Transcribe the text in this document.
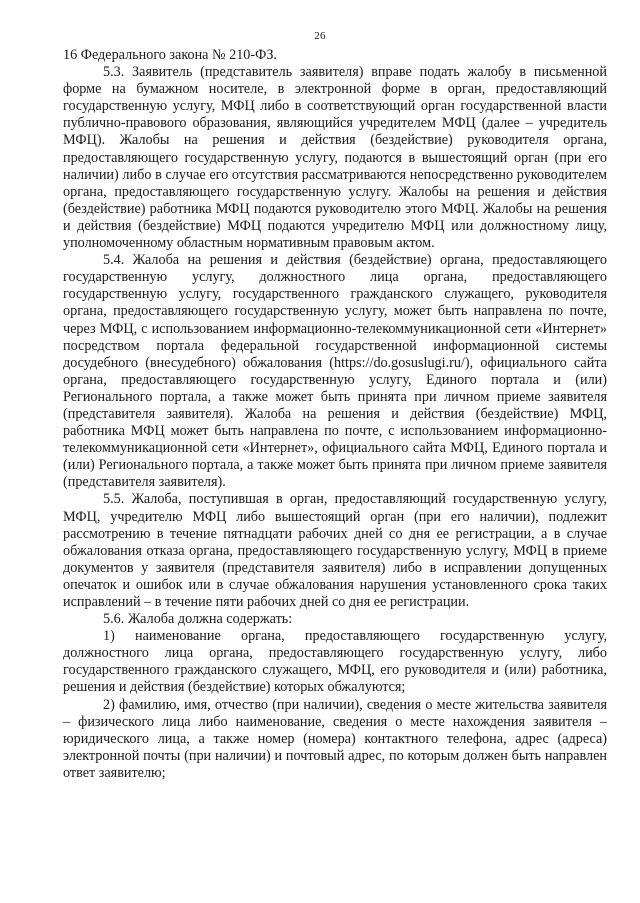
26

16 Федерального закона № 210-ФЗ.

5.3. Заявитель (представитель заявителя) вправе подать жалобу в письменной форме на бумажном носителе, в электронной форме в орган, предоставляющий государственную услугу, МФЦ либо в соответствующий орган государственной власти публично-правового образования, являющийся учредителем МФЦ (далее – учредитель МФЦ). Жалобы на решения и действия (бездействие) руководителя органа, предоставляющего государственную услугу, подаются в вышестоящий орган (при его наличии) либо в случае его отсутствия рассматриваются непосредственно руководителем органа, предоставляющего государственную услугу. Жалобы на решения и действия (бездействие) работника МФЦ подаются руководителю этого МФЦ. Жалобы на решения и действия (бездействие) МФЦ подаются учредителю МФЦ или должностному лицу, уполномоченному областным нормативным правовым актом.

5.4. Жалоба на решения и действия (бездействие) органа, предоставляющего государственную услугу, должностного лица органа, предоставляющего государственную услугу, государственного гражданского служащего, руководителя органа, предоставляющего государственную услугу, может быть направлена по почте, через МФЦ, с использованием информационно-телекоммуникационной сети «Интернет» посредством портала федеральной государственной информационной системы досудебного (внесудебного) обжалования (https://do.gosuslugi.ru/), официального сайта органа, предоставляющего государственную услугу, Единого портала и (или) Регионального портала, а также может быть принята при личном приеме заявителя (представителя заявителя). Жалоба на решения и действия (бездействие) МФЦ, работника МФЦ может быть направлена по почте, с использованием информационно-телекоммуникационной сети «Интернет», официального сайта МФЦ, Единого портала и (или) Регионального портала, а также может быть принята при личном приеме заявителя (представителя заявителя).

5.5. Жалоба, поступившая в орган, предоставляющий государственную услугу, МФЦ, учредителю МФЦ либо вышестоящий орган (при его наличии), подлежит рассмотрению в течение пятнадцати рабочих дней со дня ее регистрации, а в случае обжалования отказа органа, предоставляющего государственную услугу, МФЦ в приеме документов у заявителя (представителя заявителя) либо в исправлении допущенных опечаток и ошибок или в случае обжалования нарушения установленного срока таких исправлений – в течение пяти рабочих дней со дня ее регистрации.

5.6. Жалоба должна содержать:

1) наименование органа, предоставляющего государственную услугу, должностного лица органа, предоставляющего государственную услугу, либо государственного гражданского служащего, МФЦ, его руководителя и (или) работника, решения и действия (бездействие) которых обжалуются;

2) фамилию, имя, отчество (при наличии), сведения о месте жительства заявителя – физического лица либо наименование, сведения о месте нахождения заявителя – юридического лица, а также номер (номера) контактного телефона, адрес (адреса) электронной почты (при наличии) и почтовый адрес, по которым должен быть направлен ответ заявителю;
